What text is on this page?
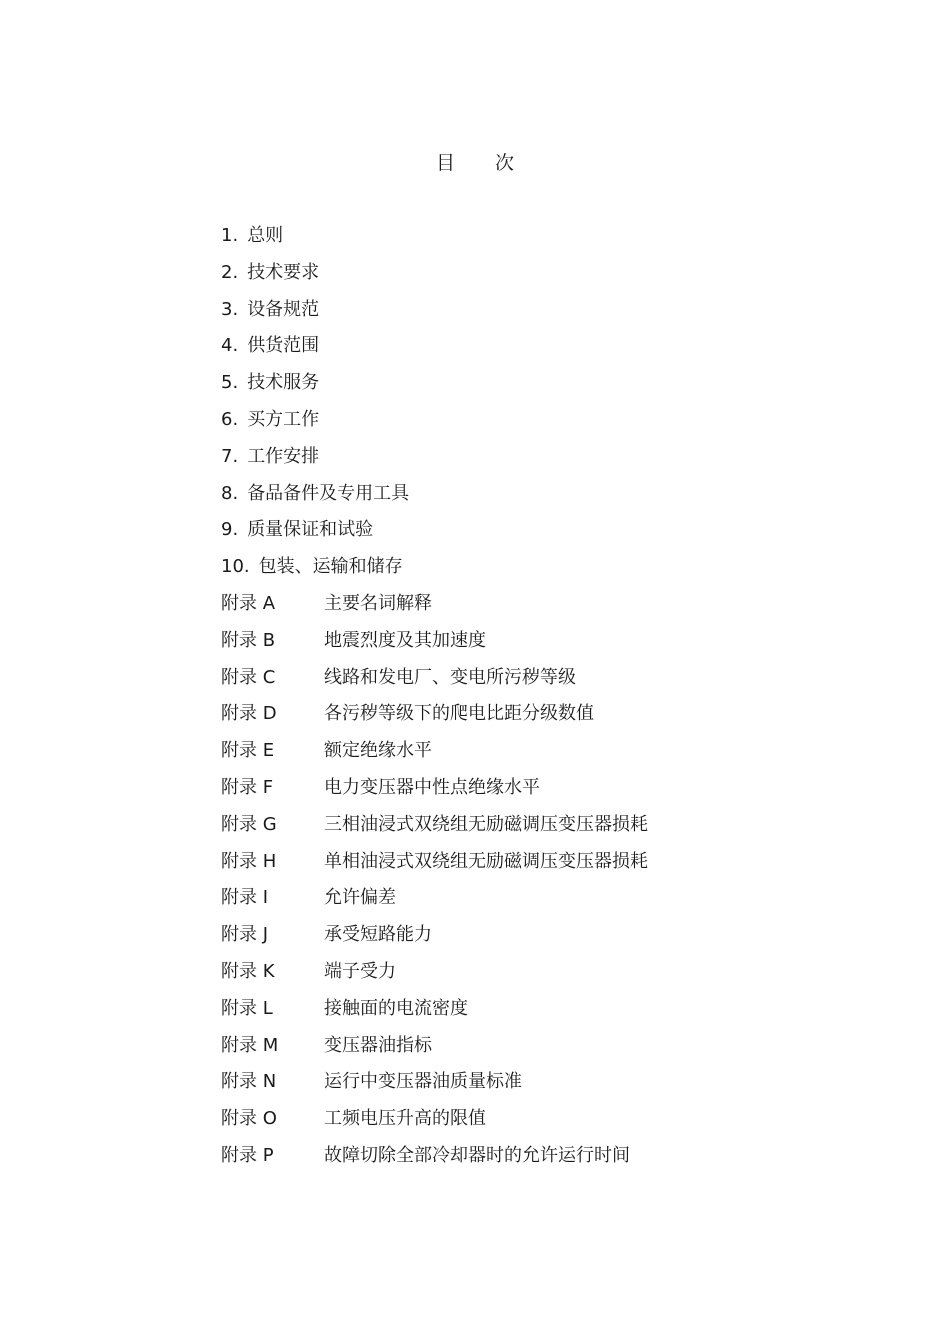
目 次
1. 总则
2. 技术要求
3. 设备规范
4. 供货范围
5. 技术服务
6. 买方工作
7. 工作安排
8. 备品备件及专用工具
9. 质量保证和试验
10. 包装、运输和储存
附录 A	主要名词解释
附录 B	地震烈度及其加速度
附录 C	线路和发电厂、变电所污秽等级
附录 D	各污秽等级下的爬电比距分级数值
附录 E	额定绝缘水平
附录 F	电力变压器中性点绝缘水平
附录 G	三相油浸式双绕组无励磁调压变压器损耗
附录 H	单相油浸式双绕组无励磁调压变压器损耗
附录 I	允许偏差
附录 J	承受短路能力
附录 K	端子受力
附录 L	接触面的电流密度
附录 M	变压器油指标
附录 N	运行中变压器油质量标准
附录 O	工频电压升高的限值
附录 P	故障切除全部冷却器时的允许运行时间
